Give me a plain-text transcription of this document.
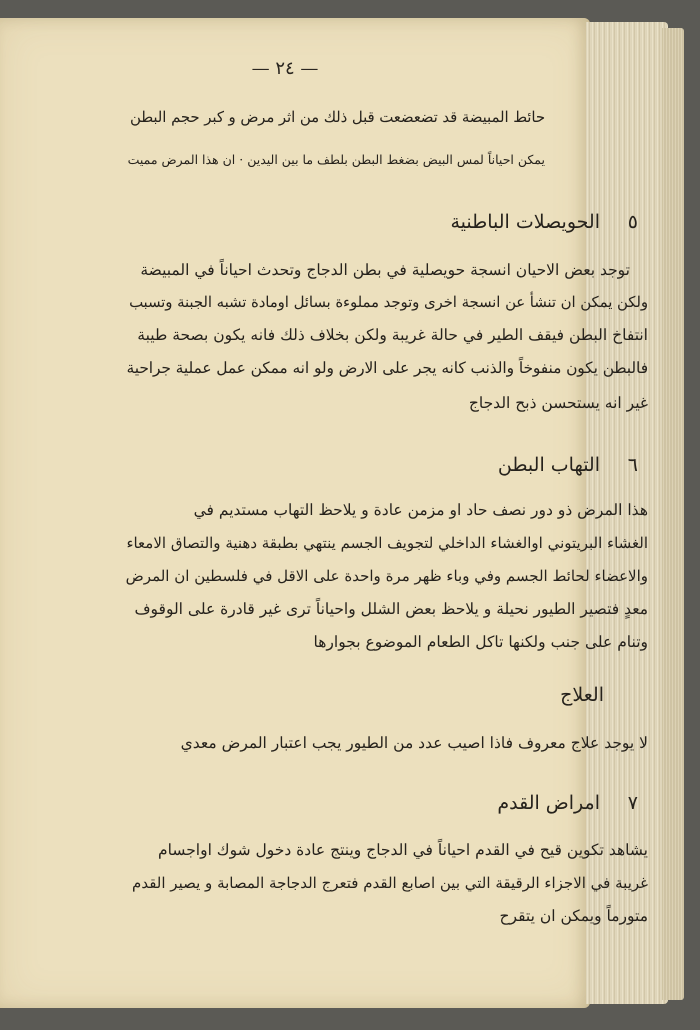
— ٢٤ —
حائط المبيضة قد تضعضعت قبل ذلك من اثر مرض و كبر حجم البطن
يمكن احياناً لمس البيض بضغط البطن بلطف ما بين اليدين · ان هذا المرض مميت
٥
الحويصلات الباطنية
توجد بعض الاحيان انسجة حويصلية في بطن الدجاج وتحدث احياناً في المبيضة
ولكن يمكن ان تنشأ عن انسجة اخرى وتوجد مملوءة بسائل اومادة تشبه الجبنة وتسبب
انتفاخ البطن فيقف الطير في حالة غريبة ولكن بخلاف ذلك فانه يكون بصحة طيبة
فالبطن يكون منفوخاً والذنب كانه يجر على الارض ولو انه ممكن عمل عملية جراحية
غير انه يستحسن ذبح الدجاج
٦
التهاب البطن
هذا المرض ذو دور نصف حاد او مزمن عادة و يلاحظ التهاب مستديم في
الغشاء البريتوني اوالغشاء الداخلي لتجويف الجسم ينتهي بطبقة دهنية والتصاق الامعاء
والاعضاء لحائط الجسم وفي وباء ظهر مرة واحدة على الاقل في فلسطين ان المرض
معدٍ فتصير الطيور نحيلة و يلاحظ بعض الشلل واحياناً ترى غير قادرة على الوقوف
وتنام على جنب ولكنها تاكل الطعام الموضوع بجوارها
العلاج
لا يوجد علاج معروف فاذا اصيب عدد من الطيور يجب اعتبار المرض معدي
٧
امراض القدم
يشاهد تكوين قيح في القدم احياناً في الدجاج وينتج عادة دخول شوك اواجسام
غريبة في الاجزاء الرقيقة التي بين اصابع القدم فتعرج الدجاجة المصابة و يصير القدم
متورماً ويمكن ان يتقرح
